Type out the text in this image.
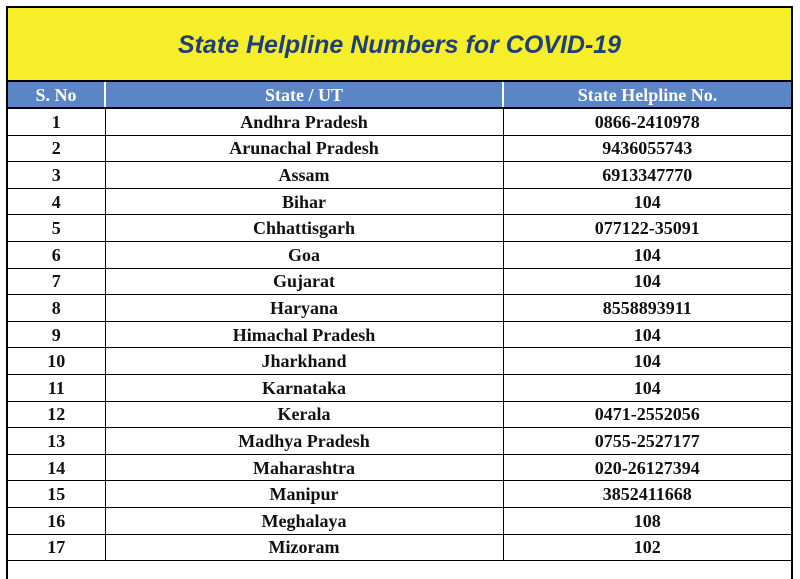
State Helpline Numbers for COVID-19
S. No	State / UT	State Helpline No.
1	Andhra Pradesh	0866-2410978
2	Arunachal Pradesh	9436055743
3	Assam	6913347770
4	Bihar	104
5	Chhattisgarh	077122-35091
6	Goa	104
7	Gujarat	104
8	Haryana	8558893911
9	Himachal Pradesh	104
10	Jharkhand	104
11	Karnataka	104
12	Kerala	0471-2552056
13	Madhya Pradesh	0755-2527177
14	Maharashtra	020-26127394
15	Manipur	3852411668
16	Meghalaya	108
17	Mizoram	102
